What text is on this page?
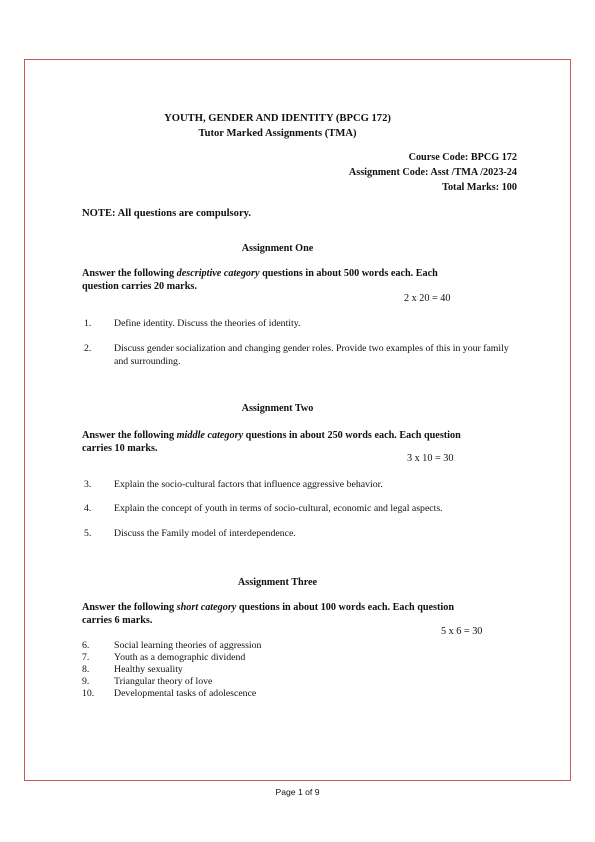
YOUTH, GENDER AND IDENTITY (BPCG 172)
Tutor Marked Assignments (TMA)
Course Code: BPCG 172
Assignment Code: Asst /TMA /2023-24
Total Marks: 100
NOTE: All questions are compulsory.
Assignment One
Answer the following descriptive category questions in about 500 words each. Each
question carries 20 marks.
2 x 20 = 40
1. Define identity. Discuss the theories of identity.
2. Discuss gender socialization and changing gender roles. Provide two examples of this in your family
and surrounding.
Assignment Two
Answer the following middle category questions in about 250 words each. Each question
carries 10 marks.
3 x 10 = 30
3. Explain the socio-cultural factors that influence aggressive behavior.
4. Explain the concept of youth in terms of socio-cultural, economic and legal aspects.
5. Discuss the Family model of interdependence.
Assignment Three
Answer the following short category questions in about 100 words each. Each question
carries 6 marks.
5 x 6 = 30
6.	Social learning theories of aggression
7.	Youth as a demographic dividend
8.	Healthy sexuality
9.	Triangular theory of love
10. Developmental tasks of adolescence
Page 1 of 9
